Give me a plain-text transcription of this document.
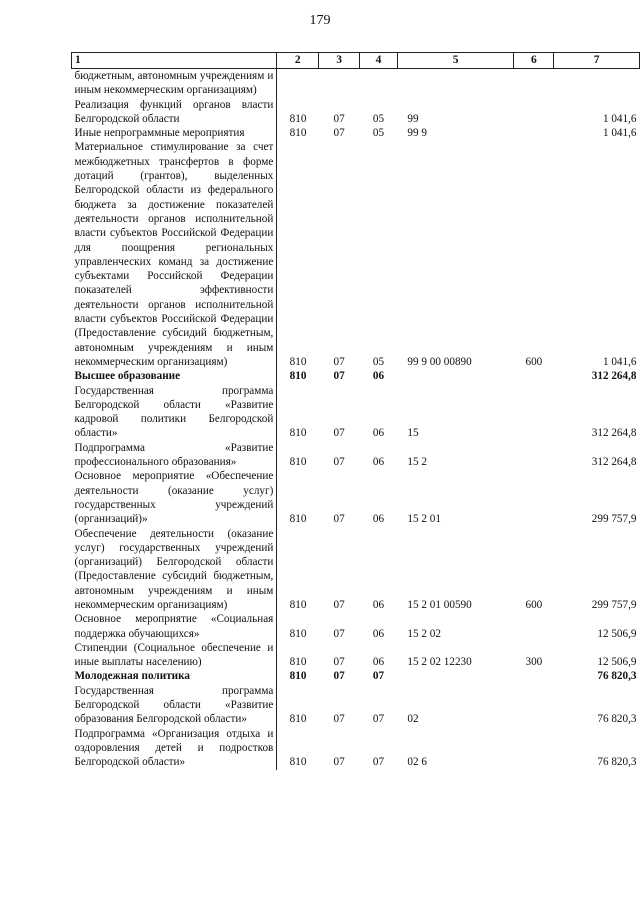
179
1	2	3	4	5	6	7
бюджетным, автономным учреждениям и иным некоммерческим организациям)						
Реализация функций органов власти Белгородской области	810	07	05	99		1 041,6
Иные непрограммные мероприятия	810	07	05	99 9		1 041,6
Материальное стимулирование за счет межбюджетных трансфертов в форме дотаций (грантов), выделенных Белгородской области из федерального бюджета за достижение показателей деятельности органов исполнительной власти субъектов Российской Федерации для поощрения региональных управленческих команд за достижение субъектами Российской Федерации показателей эффективности деятельности органов исполнительной власти субъектов Российской Федерации (Предоставление субсидий бюджетным, автономным учреждениям и иным некоммерческим организациям)	810	07	05	99 9 00 00890	600	1 041,6
Высшее образование	810	07	06			312 264,8
Государственная программа Белгородской области «Развитие кадровой политики Белгородской области»	810	07	06	15		312 264,8
Подпрограмма «Развитие профессионального образования»	810	07	06	15 2		312 264,8
Основное мероприятие «Обеспечение деятельности (оказание услуг) государственных учреждений (организаций)»	810	07	06	15 2 01		299 757,9
Обеспечение деятельности (оказание услуг) государственных учреждений (организаций) Белгородской области (Предоставление субсидий бюджетным, автономным учреждениям и иным некоммерческим организациям)	810	07	06	15 2 01 00590	600	299 757,9
Основное мероприятие «Социальная поддержка обучающихся»	810	07	06	15 2 02		12 506,9
Стипендии (Социальное обеспечение и иные выплаты населению)	810	07	06	15 2 02 12230	300	12 506,9
Молодежная политика	810	07	07			76 820,3
Государственная программа Белгородской области «Развитие образования Белгородской области»	810	07	07	02		76 820,3
Подпрограмма «Организация отдыха и оздоровления детей и подростков Белгородской области»	810	07	07	02 6		76 820,3
